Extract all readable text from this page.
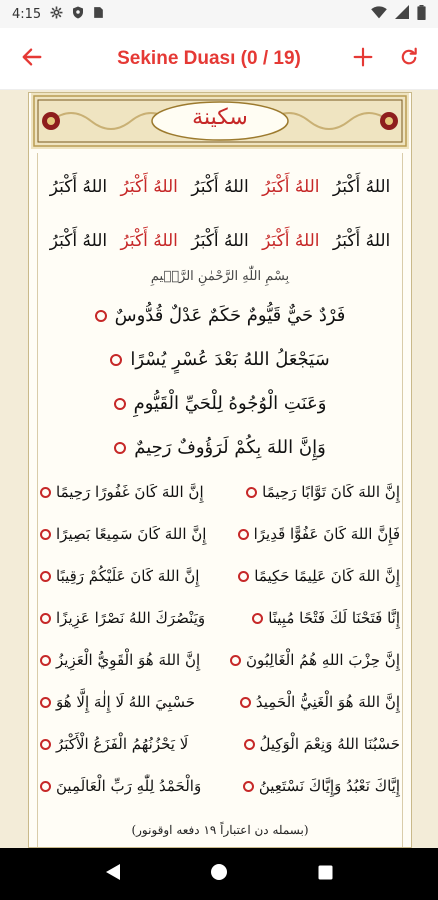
4:15
Sekine Duası (0 / 19)
سكينة
اللهُ أَكْبَرُ اللهُ أَكْبَرُ اللهُ أَكْبَرُ اللهُ أَكْبَرُ اللهُ أَكْبَرُ
اللهُ أَكْبَرُ اللهُ أَكْبَرُ اللهُ أَكْبَرُ اللهُ أَكْبَرُ اللهُ أَكْبَرُ
بِسْمِ اللّٰهِ الرَّحْمٰنِ الرَّح۪يمِ
فَرْدٌ حَيٌّ قَيُّومٌ حَكَمٌ عَدْلٌ قُدُّوسٌ
سَيَجْعَلُ اللهُ بَعْدَ عُسْرٍ يُسْرًا
وَعَنَتِ الْوُجُوهُ لِلْحَيِّ الْقَيُّومِ
وَإِنَّ اللهَ بِكُمْ لَرَؤُوفٌ رَحِيمٌ
إِنَّ اللهَ كَانَ تَوَّابًا رَحِيمًا
إِنَّ اللهَ كَانَ غَفُورًا رَحِيمًا
فَإِنَّ اللهَ كَانَ عَفُوًّا قَدِيرًا
إِنَّ اللهَ كَانَ سَمِيعًا بَصِيرًا
إِنَّ اللهَ كَانَ عَلِيمًا حَكِيمًا
إِنَّ اللهَ كَانَ عَلَيْكُمْ رَقِيبًا
إِنَّا فَتَحْنَا لَكَ فَتْحًا مُبِينًا
وَيَنْصُرَكَ اللهُ نَصْرًا عَزِيزًا
إِنَّ حِزْبَ اللهِ هُمُ الْغَالِبُونَ
إِنَّ اللهَ هُوَ الْقَوِيُّ الْعَزِيزُ
إِنَّ اللهَ هُوَ الْغَنِيُّ الْحَمِيدُ
حَسْبِيَ اللهُ لَا إِلٰهَ إِلَّا هُوَ
حَسْبُنَا اللهُ وَنِعْمَ الْوَكِيلُ
لَا يَحْزُنُهُمُ الْفَزَعُ الْأَكْبَرُ
إِيَّاكَ نَعْبُدُ وَإِيَّاكَ نَسْتَعِينُ
وَالْحَمْدُ لِلّٰهِ رَبِّ الْعَالَمِينَ
(بسمله دن اعتباراً ١٩ دفعه اوقونور)
